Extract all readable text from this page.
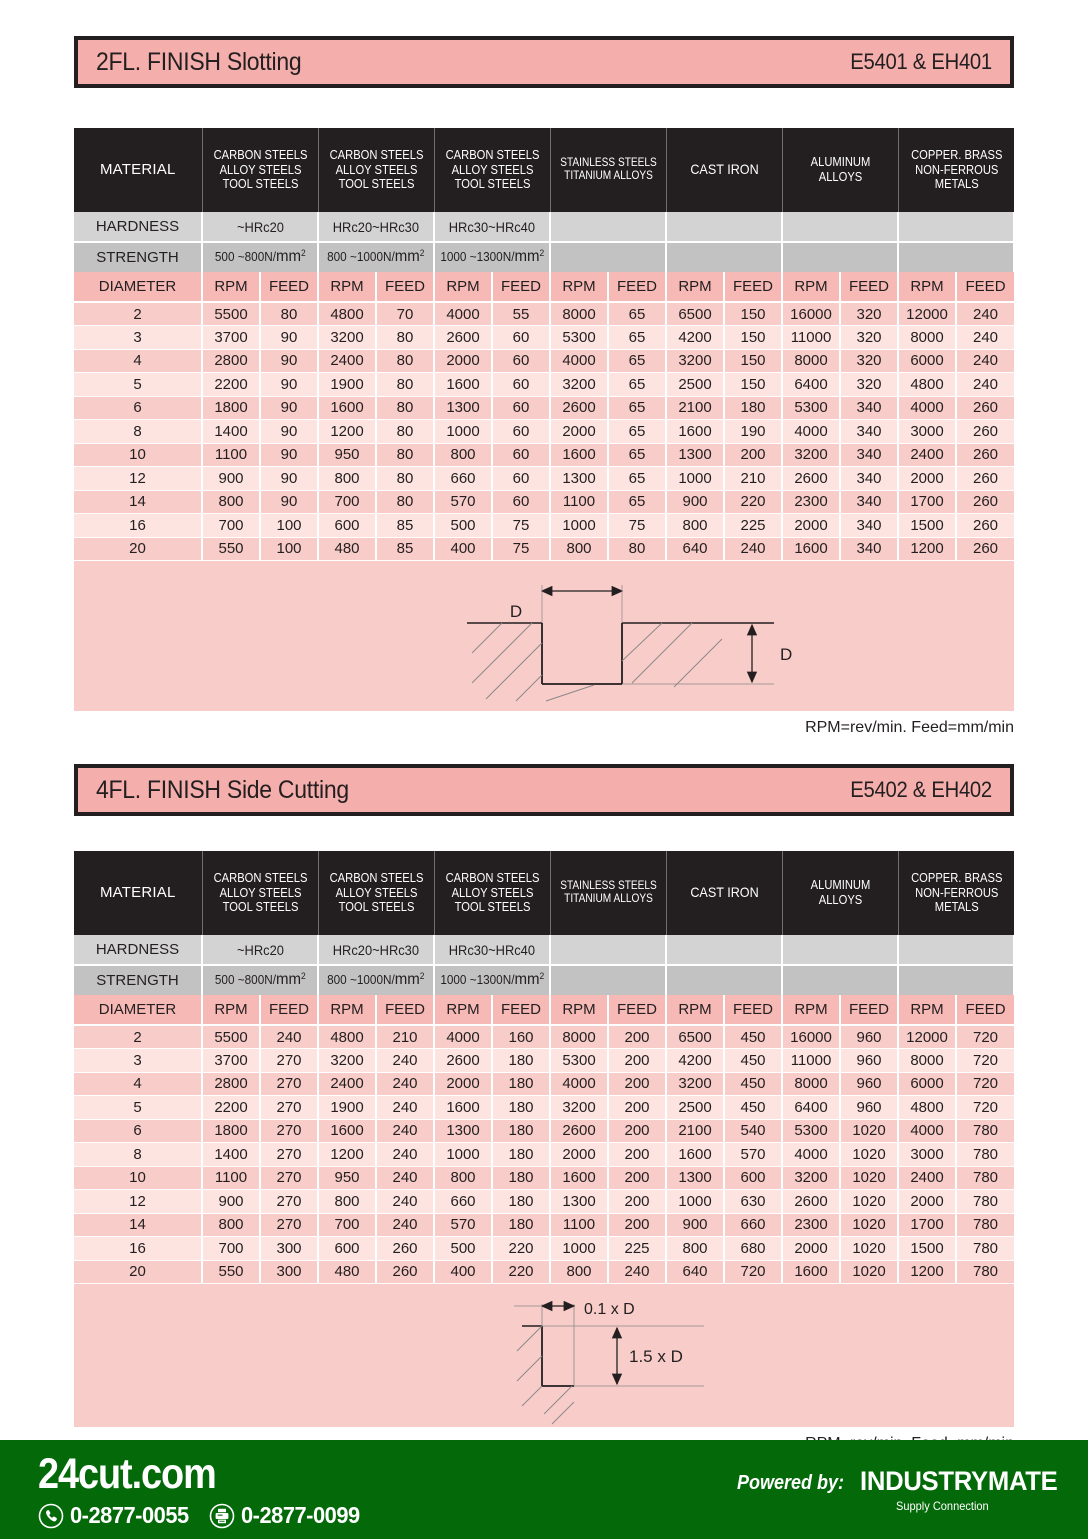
2FL. FINISH Slotting	E5401 & EH401
MATERIAL	CARBON STEELS
ALLOY STEELS
TOOL STEELS		CARBON STEELS
ALLOY STEELS
TOOL STEELS		CARBON STEELS
ALLOY STEELS
TOOL STEELS		STAINLESS STEELS
TITANIUM ALLOYS		CAST IRON		ALUMINUM
ALLOYS		COPPER. BRASS
NON-FERROUS
METALS	

HARDNESS	~HRc20		HRc20~HRc30		HRc30~HRc40									
STRENGTH	500 $\sim 800N/mm^2$		800 $\sim 1000N/mm^2$		1000 $\sim 1300N/mm^2$				
DIAMETER	RPM	FEED	RPM	FEED	RPM	FEED	RPM	FEED	RPM	FEED	RPM	FEED	RPM	FEED
2	5500	80	4800	70	4000	55	8000	65	6500	150	16000	320	12000	240
3	3700	90	3200	80	2600	60	5300	65	4200	150	11000	320	8000	240
4	2800	90	2400	80	2000	60	4000	65	3200	150	8000	320	6000	240
5	2200	90	1900	80	1600	60	3200	65	2500	150	6400	320	4800	240
6	1800	90	1600	80	1300	60	2600	65	2100	180	5300	340	4000	260
8	1400	90	1200	80	1000	60	2000	65	1600	190	4000	340	3000	260
10	1100	90	950	80	800	60	1600	65	1300	200	3200	340	2400	260
12	900	90	800	80	660	60	1300	65	1000	210	2600	340	2000	260
14	800	90	700	80	570	60	1100	65	900	220	2300	340	1700	260
16	700	100	600	85	500	75	1000	75	800	225	2000	340	1500	260
20	550	100	480	85	400	75	800	80	640	240	1600	340	1200	260
D
D
RPM=rev/min. Feed=mm/min
4FL. FINISH Side Cutting	E5402 & EH402
MATERIAL	CARBON STEELS
ALLOY STEELS
TOOL STEELS		CARBON STEELS
ALLOY STEELS
TOOL STEELS		CARBON STEELS
ALLOY STEELS
TOOL STEELS		STAINLESS STEELS
TITANIUM ALLOYS		CAST IRON		ALUMINUM
ALLOYS		COPPER. BRASS
NON-FERROUS
METALS	

HARDNESS	~HRc20		HRc20~HRc30		HRc30~HRc40									
STRENGTH	500 $\sim 800N/mm^2$		800 $\sim 1000N/mm^2$		1000 $\sim 1300N/mm^2$				
DIAMETER	RPM	FEED	RPM	FEED	RPM	FEED	RPM	FEED	RPM	FEED	RPM	FEED	RPM	FEED
2	5500	240	4800	210	4000	160	8000	200	6500	450	16000	960	12000	720
3	3700	270	3200	240	2600	180	5300	200	4200	450	11000	960	8000	720
4	2800	270	2400	240	2000	180	4000	200	3200	450	8000	960	6000	720
5	2200	270	1900	240	1600	180	3200	200	2500	450	6400	960	4800	720
6	1800	270	1600	240	1300	180	2600	200	2100	540	5300	1020	4000	780
8	1400	270	1200	240	1000	180	2000	200	1600	570	4000	1020	3000	780
10	1100	270	950	240	800	180	1600	200	1300	600	3200	1020	2400	780
12	900	270	800	240	660	180	1300	200	1000	630	2600	1020	2000	780
14	800	270	700	240	570	180	1100	200	900	660	2300	1020	1700	780
16	700	300	600	260	500	220	1000	225	800	680	2000	1020	1500	780
20	550	300	480	260	400	220	800	240	640	720	1600	1020	1200	780
0.1 x D
1.5 x D
24cut.com
0-2877-0055 0-2877-0099
Powered by: INDUSTRYMATE
Supply Connection
